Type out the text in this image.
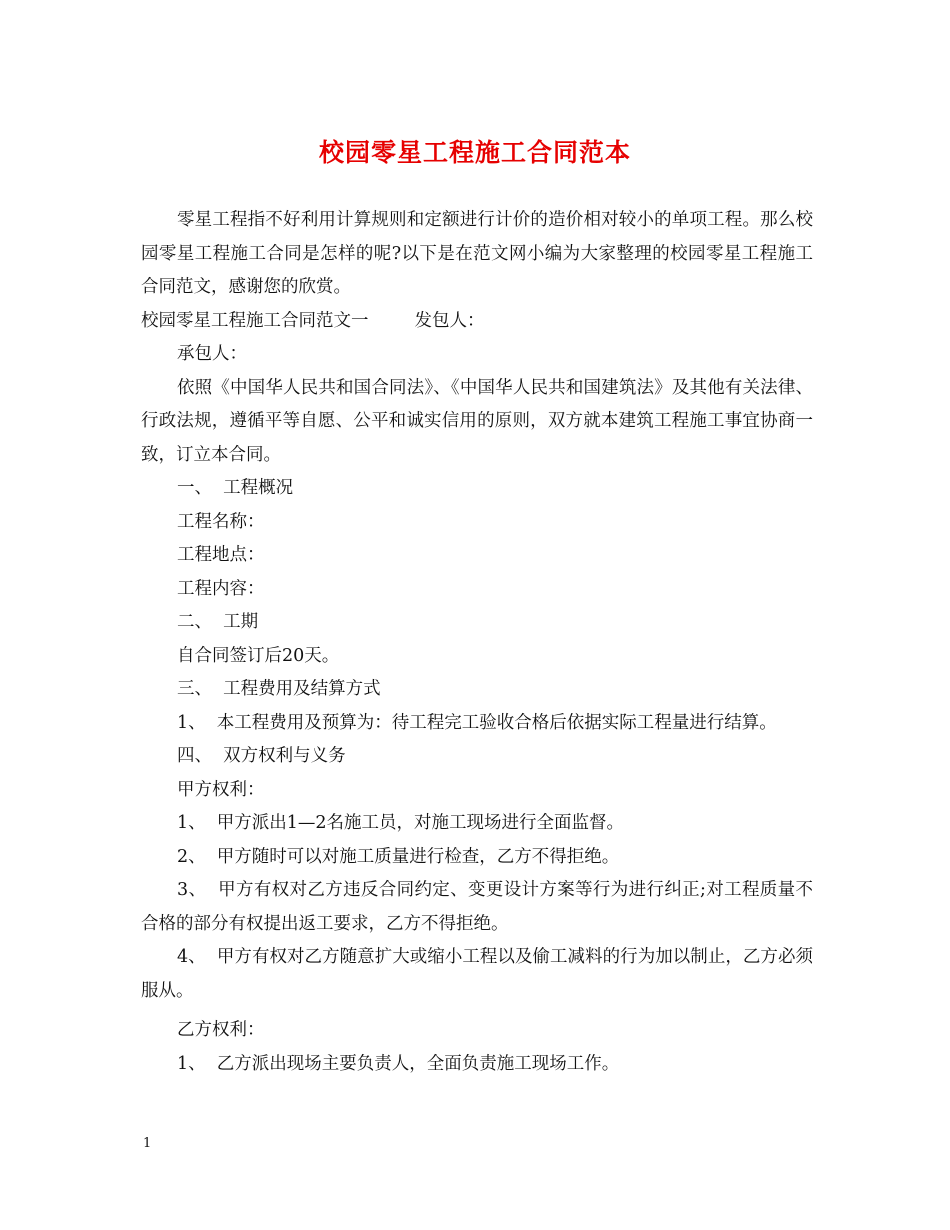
校园零星工程施工合同范本

零星工程指不好利用计算规则和定额进行计价的造价相对较小的单项工程。那么校园零星工程施工合同是怎样的呢?以下是在范文网小编为大家整理的校园零星工程施工合同范文，感谢您的欣赏。

校园零星工程施工合同范文一	发包人：

承包人：

依照《中国华人民共和国合同法》、《中国华人民共和国建筑法》及其他有关法律、行政法规，遵循平等自愿、公平和诚实信用的原则，双方就本建筑工程施工事宜协商一致，订立本合同。

一、  工程概况

工程名称：

工程地点：

工程内容：

二、  工期

自合同签订后20天。

三、  工程费用及结算方式

1、  本工程费用及预算为：待工程完工验收合格后依据实际工程量进行结算。

四、  双方权利与义务

甲方权利：

1、  甲方派出1—2名施工员，对施工现场进行全面监督。

2、  甲方随时可以对施工质量进行检查，乙方不得拒绝。

3、  甲方有权对乙方违反合同约定、变更设计方案等行为进行纠正;对工程质量不合格的部分有权提出返工要求，乙方不得拒绝。

4、  甲方有权对乙方随意扩大或缩小工程以及偷工减料的行为加以制止，乙方必须服从。

乙方权利：

1、  乙方派出现场主要负责人，全面负责施工现场工作。

1
